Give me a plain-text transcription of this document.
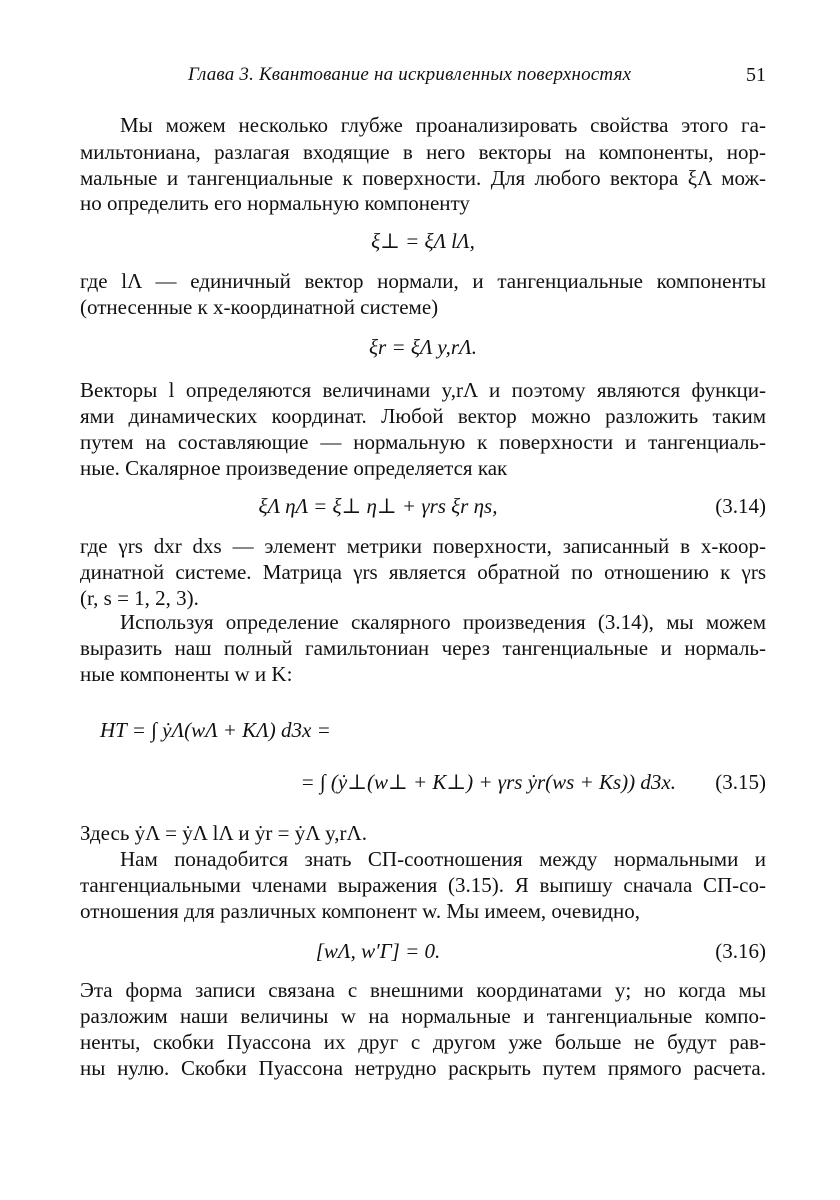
Глава 3. Квантование на искривленных поверхностях	51
Мы можем несколько глубже проанализировать свойства этого га-
мильтониана, разлагая входящие в него векторы на компоненты, нор-
мальные и тангенциальные к поверхности. Для любого вектора ξΛ мож-
но определить его нормальную компоненту
ξ⊥ = ξΛ lΛ,
где lΛ — единичный вектор нормали, и тангенциальные компоненты
(отнесенные к x-координатной системе)
ξr = ξΛ y,rΛ.
Векторы l определяются величинами y,rΛ и поэтому являются функци-
ями динамических координат. Любой вектор можно разложить таким
путем на составляющие — нормальную к поверхности и тангенциаль-
ные. Скалярное произведение определяется как
ξΛ ηΛ = ξ⊥ η⊥ + γrs ξr ηs,	(3.14)
где γrs dxr dxs — элемент метрики поверхности, записанный в x-коор-
динатной системе. Матрица γrs является обратной по отношению к γrs
(r, s = 1, 2, 3).
Используя определение скалярного произведения (3.14), мы можем
выразить наш полный гамильтониан через тангенциальные и нормаль-
ные компоненты w и K:
HT = ∫ ẏΛ(wΛ + KΛ) d3x =
= ∫ (ẏ⊥(w⊥ + K⊥) + γrs ẏr(ws + Ks)) d3x. (3.15)
Здесь ẏΛ = ẏΛ lΛ и ẏr = ẏΛ y,rΛ.
Нам понадобится знать СП-соотношения между нормальными и
тангенциальными членами выражения (3.15). Я выпишу сначала СП-со-
отношения для различных компонент w. Мы имеем, очевидно,
[wΛ, w′Γ] = 0.	(3.16)
Эта форма записи связана с внешними координатами y; но когда мы
разложим наши величины w на нормальные и тангенциальные компо-
ненты, скобки Пуассона их друг с другом уже больше не будут рав-
ны нулю. Скобки Пуассона нетрудно раскрыть путем прямого расчета.
